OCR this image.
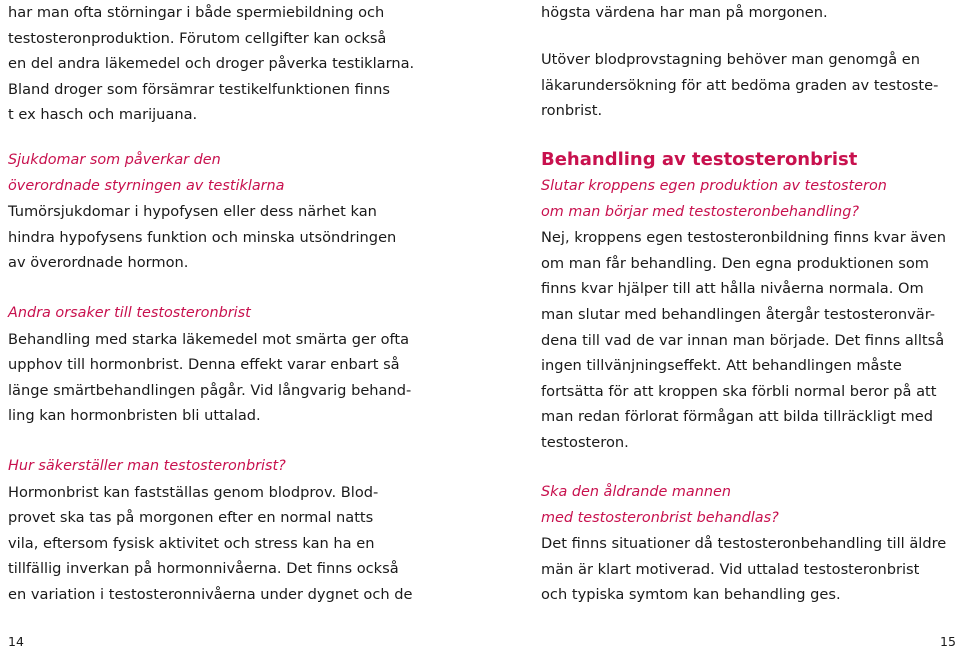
har man ofta störningar i både spermiebildning och

testosteronproduktion. Förutom cellgifter kan också

en del andra läkemedel och droger påverka testiklarna.

Bland droger som försämrar testikelfunktionen finns

t ex hasch och marijuana.

Sjukdomar som påverkar den

överordnade styrningen av testiklarna

Tumörsjukdomar i hypofysen eller dess närhet kan

hindra hypofysens funktion och minska utsöndringen

av överordnade hormon.

Andra orsaker till testosteronbrist

Behandling med starka läkemedel mot smärta ger ofta

upphov till hormonbrist. Denna effekt varar enbart så

länge smärtbehandlingen pågår. Vid långvarig behand-

ling kan hormonbristen bli uttalad.

Hur säkerställer man testosteronbrist?

Hormonbrist kan fastställas genom blodprov. Blod-

provet ska tas på morgonen efter en normal natts

vila, eftersom fysisk aktivitet och stress kan ha en

tillfällig inverkan på hormonnivåerna. Det finns också

en variation i testosteronnivåerna under dygnet och de

14

högsta värdena har man på morgonen.

Utöver blodprovstagning behöver man genomgå en

läkarundersökning för att bedöma graden av testoste-

ronbrist.

Behandling av testosteronbrist

Slutar kroppens egen produktion av testosteron

om man börjar med testosteronbehandling?

Nej, kroppens egen testosteronbildning finns kvar även

om man får behandling. Den egna produktionen som

finns kvar hjälper till att hålla nivåerna normala. Om

man slutar med behandlingen återgår testosteronvär-

dena till vad de var innan man började. Det finns alltså

ingen tillvänjningseffekt. Att behandlingen måste

fortsätta för att kroppen ska förbli normal beror på att

man redan förlorat förmågan att bilda tillräckligt med

testosteron.

Ska den åldrande mannen

med testosteronbrist behandlas?

Det finns situationer då testosteronbehandling till äldre

män är klart motiverad. Vid uttalad testosteronbrist

och typiska symtom kan behandling ges.

15
